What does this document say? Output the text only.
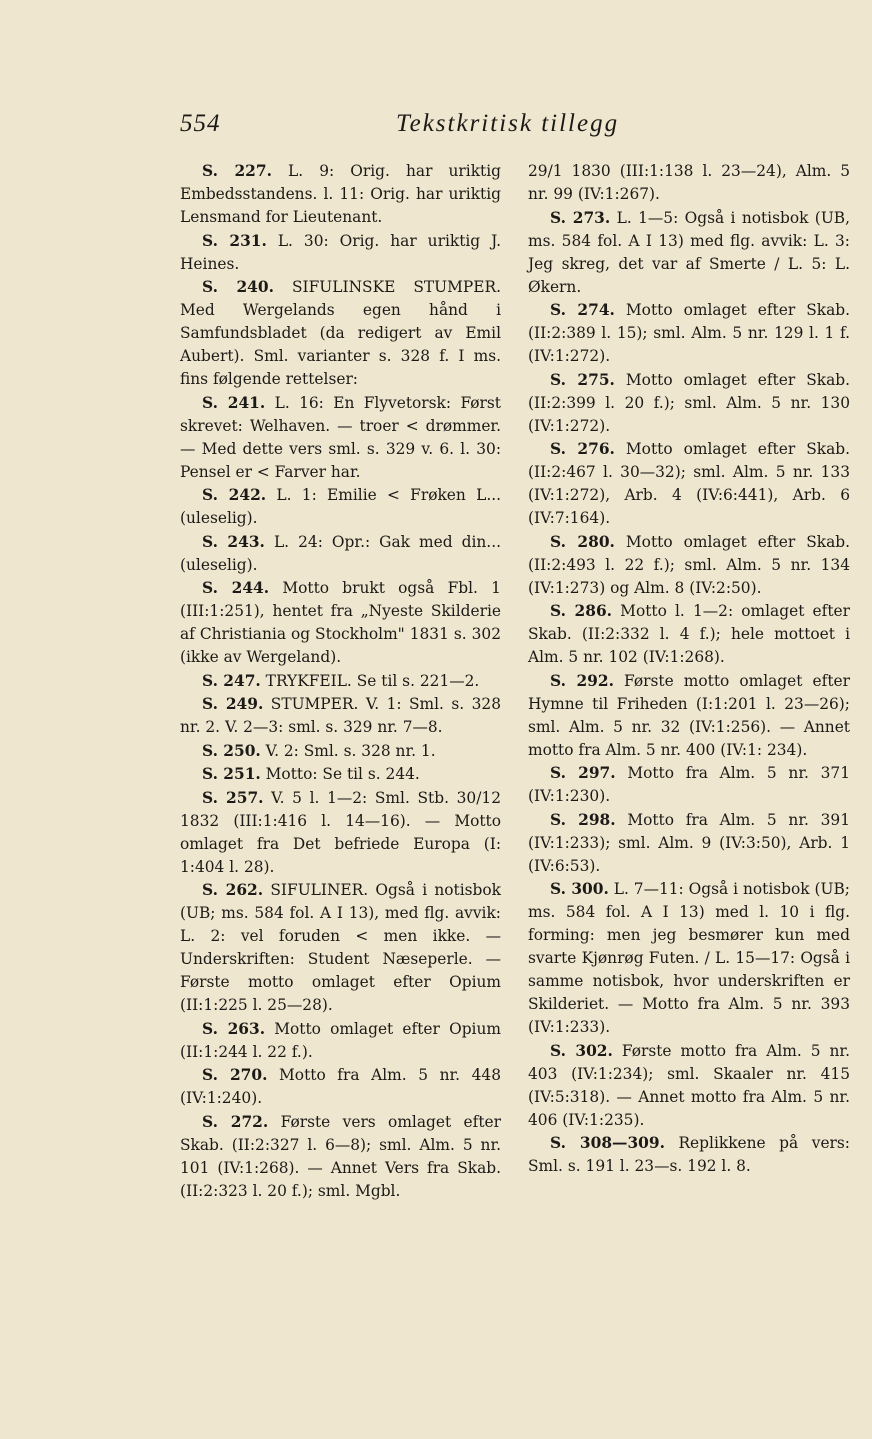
554	Tekstkritisk tillegg

S. 227. L. 9: Orig. har uriktig Embedsstandens. l. 11: Orig. har uriktig Lensmand for Lieutenant.

S. 231. L. 30: Orig. har uriktig J. Heines.

S. 240. SIFULINSKE STUMPER. Med Wergelands egen hånd i Samfundsbladet (da redigert av Emil Aubert). Sml. varianter s. 328 f. I ms. fins følgende rettelser:

S. 241. L. 16: En Flyvetorsk: Først skrevet: Welhaven. — troer < drømmer. — Med dette vers sml. s. 329 v. 6. l. 30: Pensel er < Farver har.

S. 242. L. 1: Emilie < Frøken L... (uleselig).

S. 243. L. 24: Opr.: Gak med din... (uleselig).

S. 244. Motto brukt også Fbl. 1 (III:1:251), hentet fra „Nyeste Skilderie af Christiania og Stockholm" 1831 s. 302 (ikke av Wergeland).

S. 247. TRYKFEIL. Se til s. 221—2.

S. 249. STUMPER. V. 1: Sml. s. 328 nr. 2. V. 2—3: sml. s. 329 nr. 7—8.

S. 250. V. 2: Sml. s. 328 nr. 1.

S. 251. Motto: Se til s. 244.

S. 257. V. 5 l. 1—2: Sml. Stb. 30/12 1832 (III:1:416 l. 14—16). — Motto omlaget fra Det befriede Europa (I: 1:404 l. 28).

S. 262. SIFULINER. Også i notisbok (UB; ms. 584 fol. A I 13), med flg. avvik: L. 2: vel foruden < men ikke. — Underskriften: Student Næseperle. — Første motto omlaget efter Opium (II:1:225 l. 25—28).

S. 263. Motto omlaget efter Opium (II:1:244 l. 22 f.).

S. 270. Motto fra Alm. 5 nr. 448 (IV:1:240).

S. 272. Første vers omlaget efter Skab. (II:2:327 l. 6—8); sml. Alm. 5 nr. 101 (IV:1:268). — Annet Vers fra Skab. (II:2:323 l. 20 f.); sml. Mgbl.

29/1 1830 (III:1:138 l. 23—24), Alm. 5 nr. 99 (IV:1:267).

S. 273. L. 1—5: Også i notisbok (UB, ms. 584 fol. A I 13) med flg. avvik: L. 3: Jeg skreg, det var af Smerte / L. 5: L. Økern.

S. 274. Motto omlaget efter Skab. (II:2:389 l. 15); sml. Alm. 5 nr. 129 l. 1 f. (IV:1:272).

S. 275. Motto omlaget efter Skab. (II:2:399 l. 20 f.); sml. Alm. 5 nr. 130 (IV:1:272).

S. 276. Motto omlaget efter Skab. (II:2:467 l. 30—32); sml. Alm. 5 nr. 133 (IV:1:272), Arb. 4 (IV:6:441), Arb. 6 (IV:7:164).

S. 280. Motto omlaget efter Skab. (II:2:493 l. 22 f.); sml. Alm. 5 nr. 134 (IV:1:273) og Alm. 8 (IV:2:50).

S. 286. Motto l. 1—2: omlaget efter Skab. (II:2:332 l. 4 f.); hele mottoet i Alm. 5 nr. 102 (IV:1:268).

S. 292. Første motto omlaget efter Hymne til Friheden (I:1:201 l. 23—26); sml. Alm. 5 nr. 32 (IV:1:256). — Annet motto fra Alm. 5 nr. 400 (IV:1: 234).

S. 297. Motto fra Alm. 5 nr. 371 (IV:1:230).

S. 298. Motto fra Alm. 5 nr. 391 (IV:1:233); sml. Alm. 9 (IV:3:50), Arb. 1 (IV:6:53).

S. 300. L. 7—11: Også i notisbok (UB; ms. 584 fol. A I 13) med l. 10 i flg. forming: men jeg besmører kun med svarte Kjønrøg Futen. / L. 15—17: Også i samme notisbok, hvor underskriften er Skilderiet. — Motto fra Alm. 5 nr. 393 (IV:1:233).

S. 302. Første motto fra Alm. 5 nr. 403 (IV:1:234); sml. Skaaler nr. 415 (IV:5:318). — Annet motto fra Alm. 5 nr. 406 (IV:1:235).

S. 308—309. Replikkene på vers: Sml. s. 191 l. 23—s. 192 l. 8.
